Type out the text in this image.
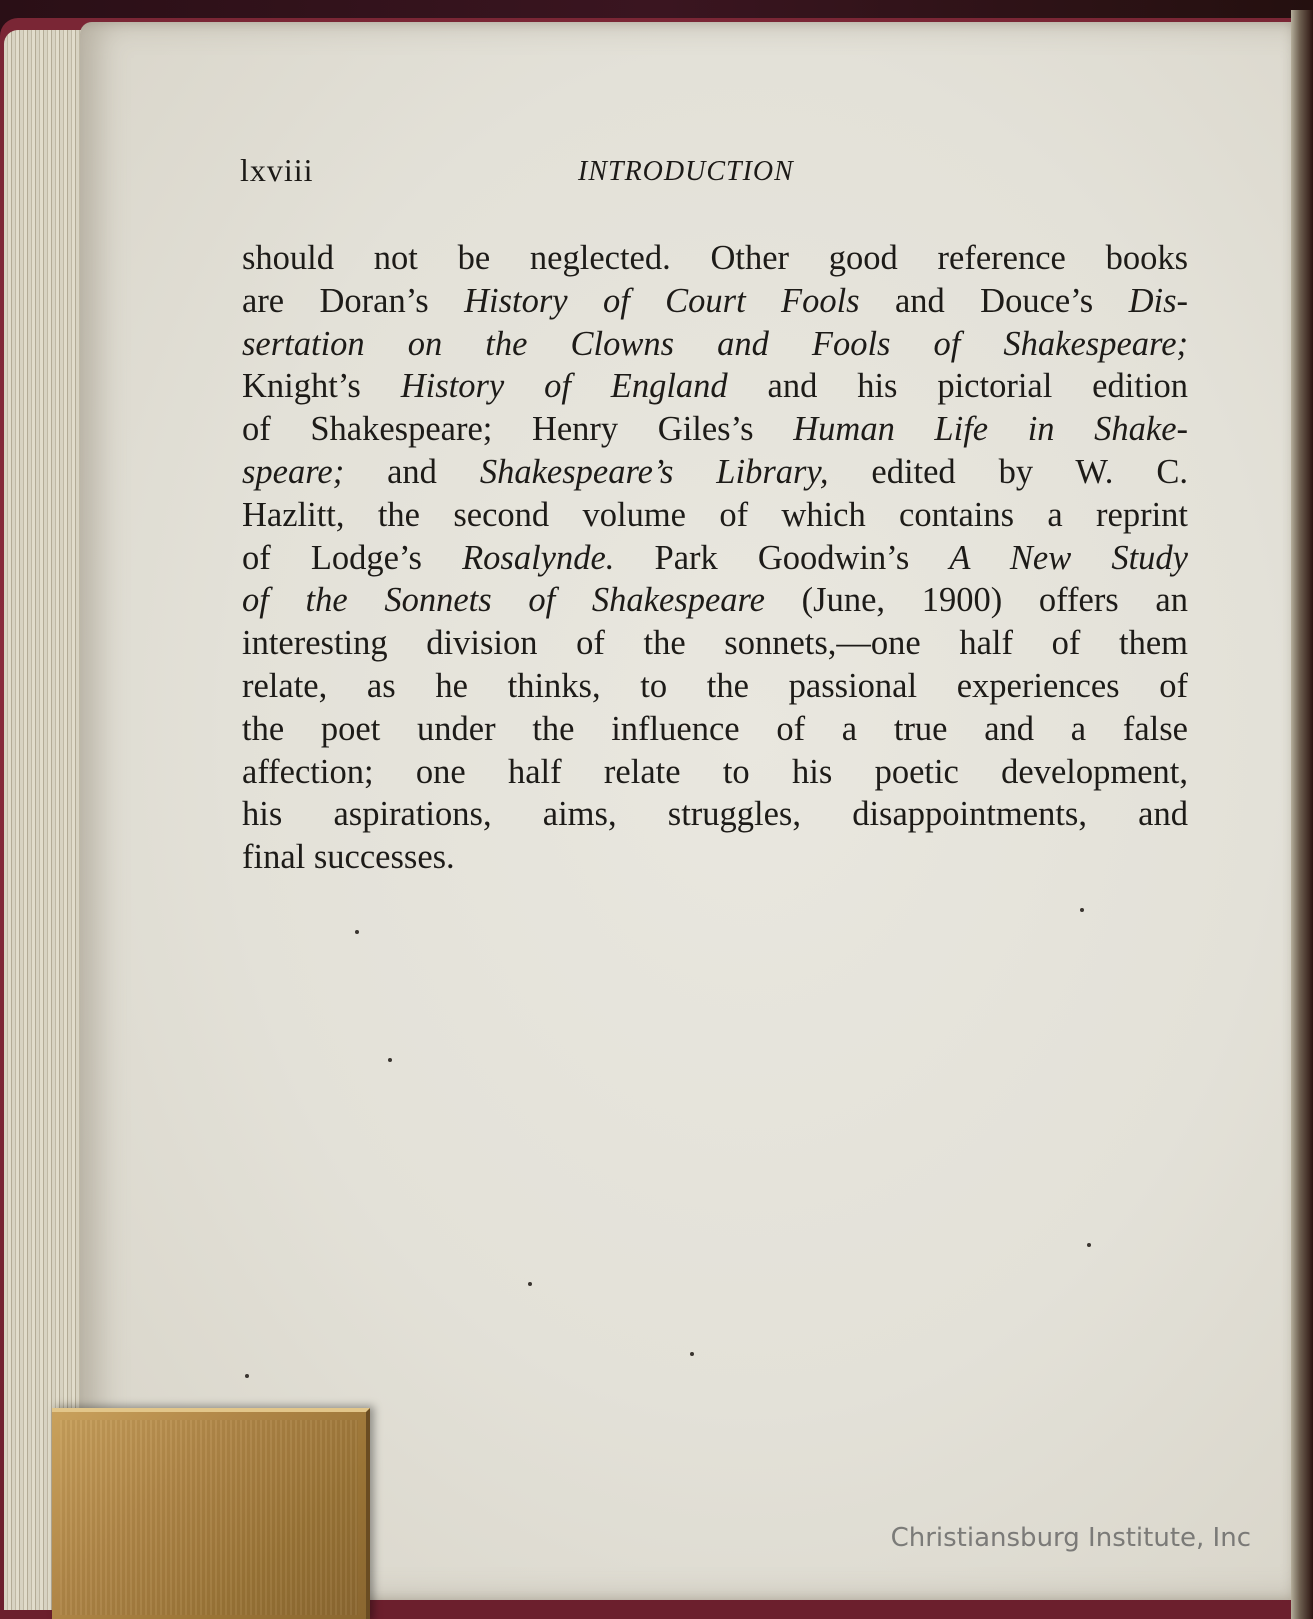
lxviii	INTRODUCTION
should not be neglected. Other good reference books
are Doran’s History of Court Fools and Douce’s Dis-
sertation on the Clowns and Fools of Shakespeare;
Knight’s History of England and his pictorial edition
of Shakespeare; Henry Giles’s Human Life in Shake-
speare; and Shakespeare’s Library, edited by W. C.
Hazlitt, the second volume of which contains a reprint
of Lodge’s Rosalynde. Park Goodwin’s A New Study
of the Sonnets of Shakespeare (June, 1900) offers an
interesting division of the sonnets,—one half of them
relate, as he thinks, to the passional experiences of
the poet under the influence of a true and a false
affection; one half relate to his poetic development,
his aspirations, aims, struggles, disappointments, and
final successes.
Christiansburg Institute, Inc
